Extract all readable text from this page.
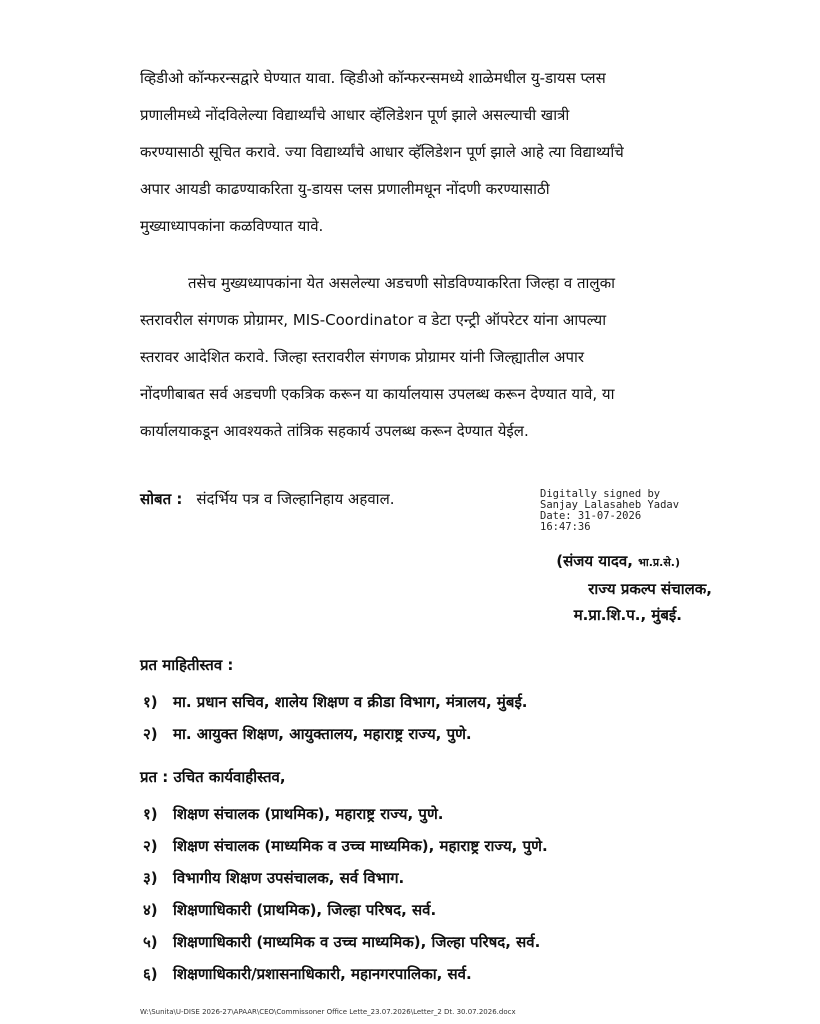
व्हिडीओ कॉन्फरन्सद्वारे घेण्यात यावा. व्हिडीओ कॉन्फरन्समध्ये शाळेमधील यु-डायस प्लस
प्रणालीमध्ये नोंदविलेल्या विद्यार्थ्यांचे आधार व्हॅलिडेशन पूर्ण झाले असल्याची खात्री
करण्यासाठी सूचित करावे. ज्या विद्यार्थ्यांचे आधार व्हॅलिडेशन पूर्ण झाले आहे त्या विद्यार्थ्यांचे
अपार आयडी काढण्याकरिता यु-डायस प्लस प्रणालीमधून नोंदणी करण्यासाठी
मुख्याध्यापकांना कळविण्यात यावे.
तसेच मुख्यध्यापकांना येत असलेल्या अडचणी सोडविण्याकरिता जिल्हा व तालुका
स्तरावरील संगणक प्रोग्रामर, MIS-Coordinator व डेटा एन्ट्री ऑपरेटर यांना आपल्या
स्तरावर आदेशित करावे. जिल्हा स्तरावरील संगणक प्रोग्रामर यांनी जिल्ह्यातील अपार
नोंदणीबाबत सर्व अडचणी एकत्रिक करून या कार्यालयास उपलब्ध करून देण्यात यावे, या
कार्यालयाकडून आवश्यकते तांत्रिक सहकार्य उपलब्ध करून देण्यात येईल.
सोबत : संदर्भिय पत्र व जिल्हानिहाय अहवाल.	Digitally signed by
Sanjay Lalasaheb Yadav
Date: 31-07-2026
16:47:36
(संजय यादव, भा.प्र.से.)
राज्य प्रकल्प संचालक,
म.प्रा.शि.प., मुंबई.
प्रत माहितीस्तव :
१) मा. प्रधान सचिव, शालेय शिक्षण व क्रीडा विभाग, मंत्रालय, मुंबई.
२) मा. आयुक्त शिक्षण, आयुक्तालय, महाराष्ट्र राज्य, पुणे.
प्रत : उचित कार्यवाहीस्तव,
१) शिक्षण संचालक (प्राथमिक), महाराष्ट्र राज्य, पुणे.
२) शिक्षण संचालक (माध्यमिक व उच्च माध्यमिक), महाराष्ट्र राज्य, पुणे.
३) विभागीय शिक्षण उपसंचालक, सर्व विभाग.
४) शिक्षणाधिकारी (प्राथमिक), जिल्हा परिषद, सर्व.
५) शिक्षणाधिकारी (माध्यमिक व उच्च माध्यमिक), जिल्हा परिषद, सर्व.
६) शिक्षणाधिकारी/प्रशासनाधिकारी, महानगरपालिका, सर्व.
W:\Sunita\U-DISE 2026-27\APAAR\CEO\Commissoner Office Lette_23.07.2026\Letter_2 Dt. 30.07.2026.docx
